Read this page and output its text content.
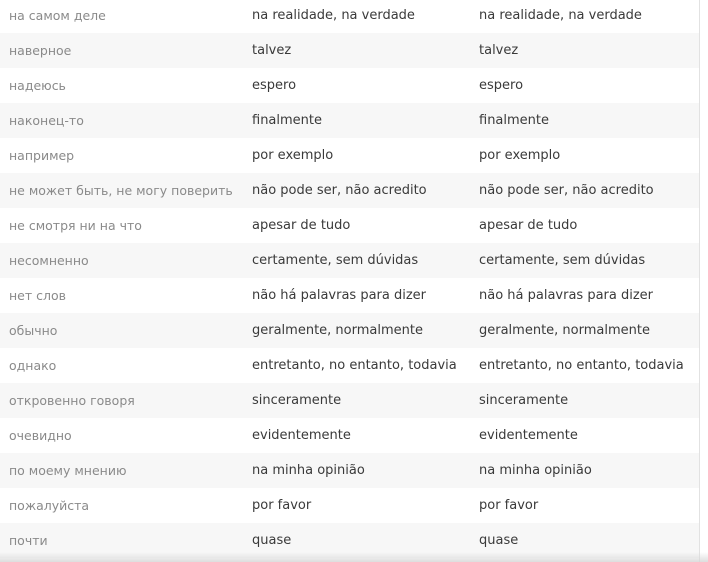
на самом деле	na realidade, na verdade	na realidade, na verdade
наверное	talvez	talvez
надеюсь	espero	espero
наконец-то	finalmente	finalmente
например	por exemplo	por exemplo
не может быть, не могу поверить	não pode ser, não acredito	não pode ser, não acredito
не смотря ни на что	apesar de tudo	apesar de tudo
несомненно	certamente, sem dúvidas	certamente, sem dúvidas
нет слов	não há palavras para dizer	não há palavras para dizer
обычно	geralmente, normalmente	geralmente, normalmente
однако	entretanto, no entanto, todavia	entretanto, no entanto, todavia
откровенно говоря	sinceramente	sinceramente
очевидно	evidentemente	evidentemente
по моему мнению	na minha opinião	na minha opinião
пожалуйста	por favor	por favor
почти	quase	quase
